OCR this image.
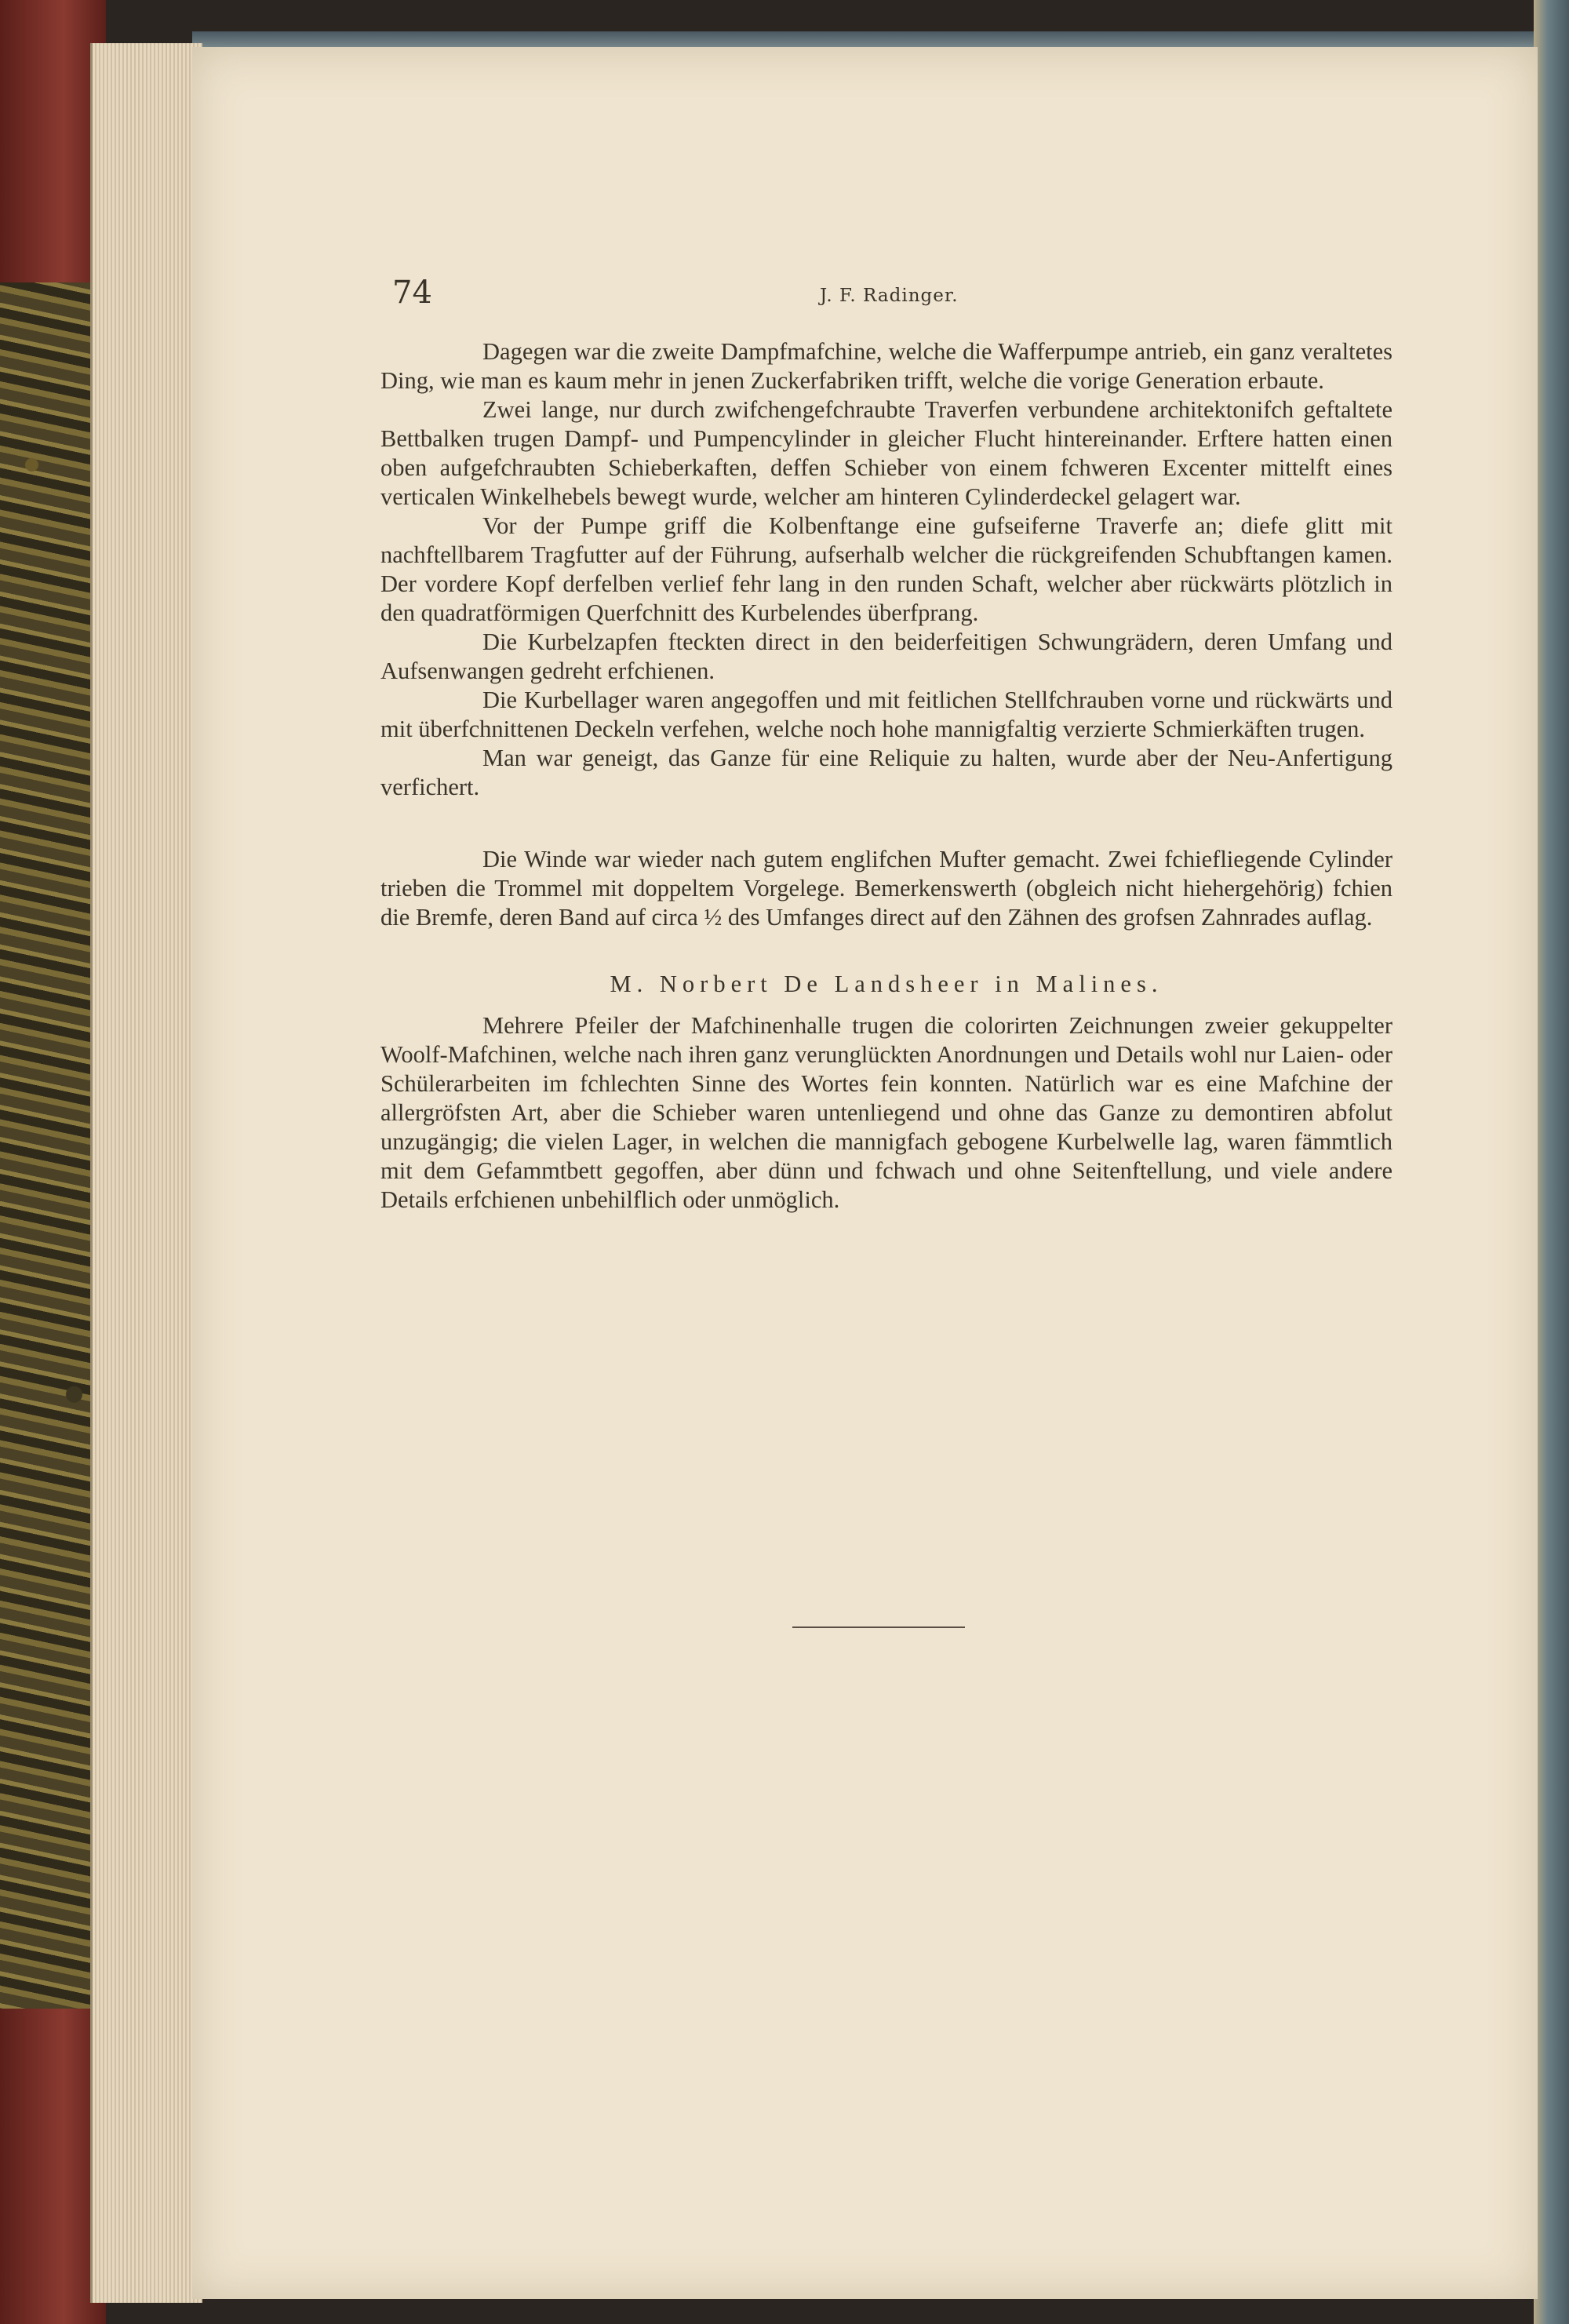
74	J. F. Radinger.

Dagegen war die zweite Dampfmafchine, welche die Wafferpumpe antrieb, ein ganz veraltetes Ding, wie man es kaum mehr in jenen Zuckerfabriken trifft, welche die vorige Generation erbaute.

Zwei lange, nur durch zwifchengefchraubte Traverfen verbundene architektonifch geftaltete Bettbalken trugen Dampf- und Pumpencylinder in gleicher Flucht hintereinander. Erftere hatten einen oben aufgefchraubten Schieberkaften, deffen Schieber von einem fchweren Excenter mittelft eines verticalen Winkelhebels bewegt wurde, welcher am hinteren Cylinderdeckel gelagert war.

Vor der Pumpe griff die Kolbenftange eine gufseiferne Traverfe an; diefe glitt mit nachftellbarem Tragfutter auf der Führung, aufserhalb welcher die rückgreifenden Schubftangen kamen. Der vordere Kopf derfelben verlief fehr lang in den runden Schaft, welcher aber rückwärts plötzlich in den quadratförmigen Querfchnitt des Kurbelendes überfprang.

Die Kurbelzapfen fteckten direct in den beiderfeitigen Schwungrädern, deren Umfang und Aufsenwangen gedreht erfchienen.

Die Kurbellager waren angegoffen und mit feitlichen Stellfchrauben vorne und rückwärts und mit überfchnittenen Deckeln verfehen, welche noch hohe mannigfaltig verzierte Schmierkäften trugen.

Man war geneigt, das Ganze für eine Reliquie zu halten, wurde aber der Neu-Anfertigung verfichert.

Die Winde war wieder nach gutem englifchen Mufter gemacht. Zwei fchiefliegende Cylinder trieben die Trommel mit doppeltem Vorgelege. Bemerkenswerth (obgleich nicht hiehergehörig) fchien die Bremfe, deren Band auf circa ½ des Umfanges direct auf den Zähnen des grofsen Zahnrades auflag.

M. Norbert De Landsheer in Malines.

Mehrere Pfeiler der Mafchinenhalle trugen die colorirten Zeichnungen zweier gekuppelter Woolf-Mafchinen, welche nach ihren ganz verunglückten Anordnungen und Details wohl nur Laien- oder Schülerarbeiten im fchlechten Sinne des Wortes fein konnten. Natürlich war es eine Mafchine der allergröfsten Art, aber die Schieber waren untenliegend und ohne das Ganze zu demontiren abfolut unzugängig; die vielen Lager, in welchen die mannigfach gebogene Kurbelwelle lag, waren fämmtlich mit dem Gefammtbett gegoffen, aber dünn und fchwach und ohne Seitenftellung, und viele andere Details erfchienen unbehilflich oder unmöglich.
